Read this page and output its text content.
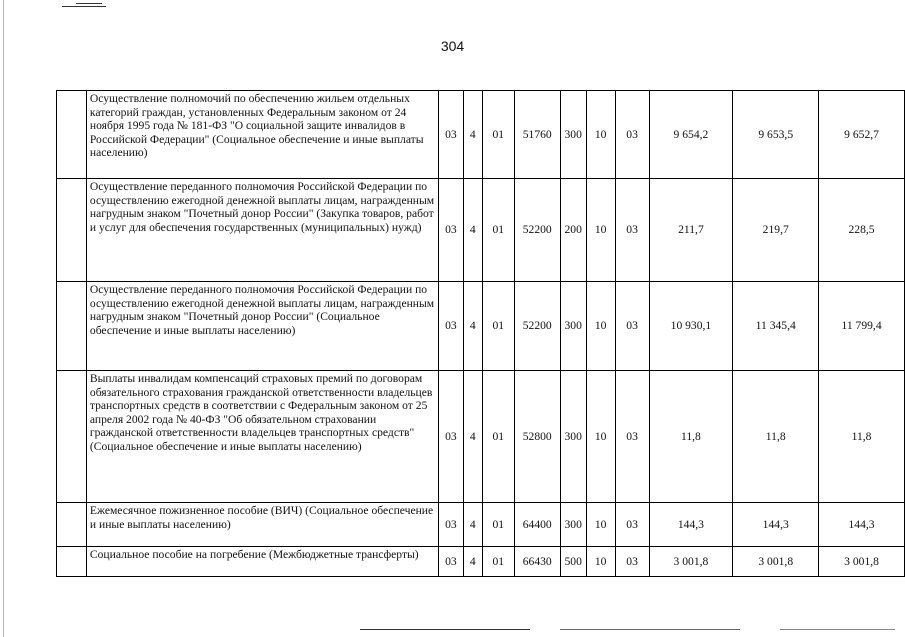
304
	Осуществление полномочий по обеспечению жильем отдельных категорий граждан, установленных Федеральным законом от 24 ноября 1995 года № 181-ФЗ "О социальной защите инвалидов в Российской Федерации" (Социальное обеспечение и иные выплаты населению)	03	4	01	51760	300	10	03	9 654,2	9 653,5	9 652,7
	Осуществление переданного полномочия Российской Федерации по осуществлению ежегодной денежной выплаты лицам, награжденным нагрудным знаком "Почетный донор России" (Закупка товаров, работ и услуг для обеспечения государственных (муниципальных) нужд)	03	4	01	52200	200	10	03	211,7	219,7	228,5
	Осуществление переданного полномочия Российской Федерации по осуществлению ежегодной денежной выплаты лицам, награжденным нагрудным знаком "Почетный донор России" (Социальное обеспечение и иные выплаты населению)	03	4	01	52200	300	10	03	10 930,1	11 345,4	11 799,4
	Выплаты инвалидам компенсаций страховых премий по договорам обязательного страхования гражданской ответственности владельцев транспортных средств в соответствии с Федеральным законом от 25 апреля 2002 года № 40-ФЗ "Об обязательном страховании гражданской ответственности владельцев транспортных средств" (Социальное обеспечение и иные выплаты населению)	03	4	01	52800	300	10	03	11,8	11,8	11,8
	Ежемесячное пожизненное пособие (ВИЧ) (Социальное обеспечение и иные выплаты населению)	03	4	01	64400	300	10	03	144,3	144,3	144,3
	Социальное пособие на погребение (Межбюджетные трансферты)	03	4	01	66430	500	10	03	3 001,8	3 001,8	3 001,8
